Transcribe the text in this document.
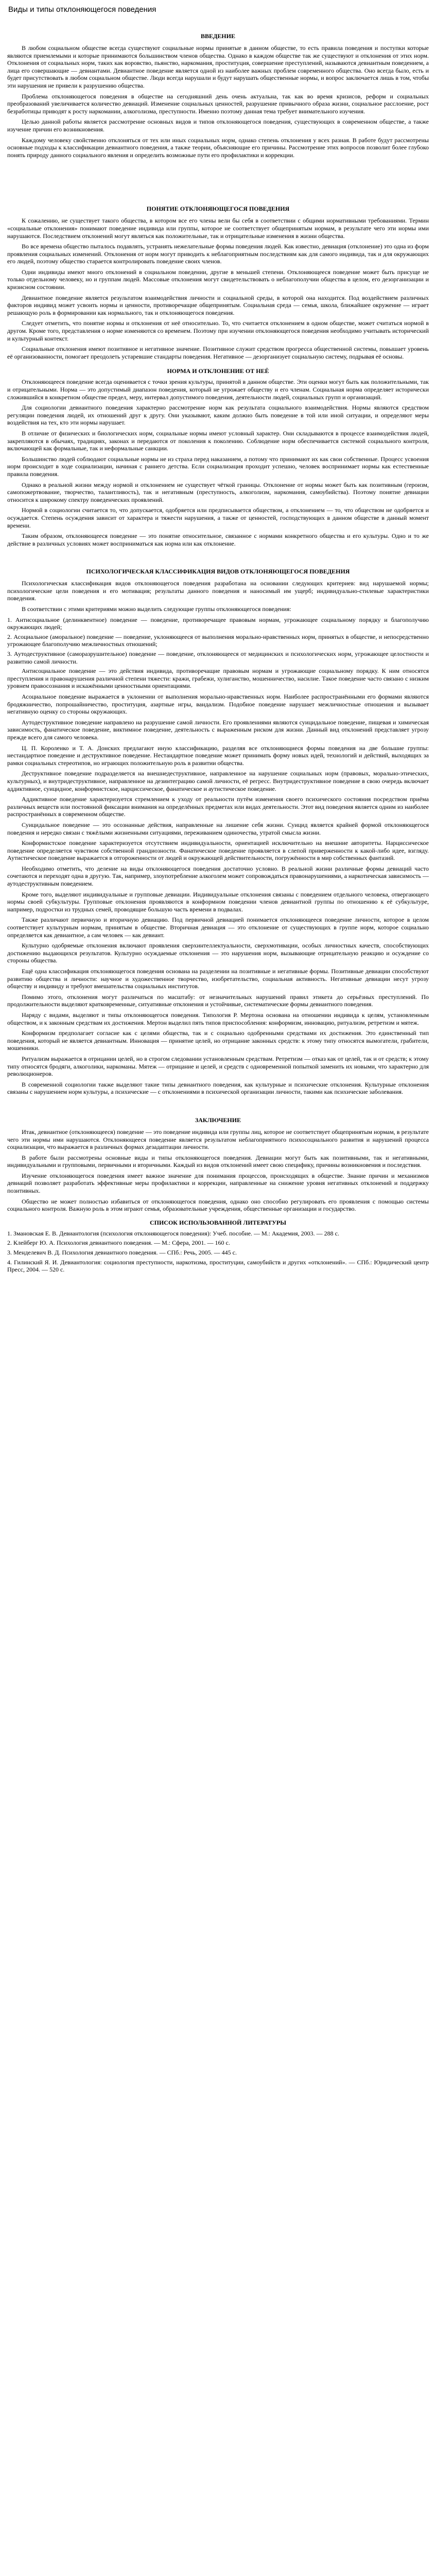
Виды и типы отклоняющегося поведения
ВВЕДЕНИЕ

В любом социальном обществе всегда существуют социальные нормы принятые в данном обществе, то есть правила поведения и поступки которые являются приемлемыми и которые принимаются большинством членов общества. Однако в каждом обществе так же существуют и отклонения от этих норм. Отклонения от социальных норм, таких как воровство, пьянство, наркомания, проституция, совершение преступлений, называются девиантным поведением, а лица его совершающие — девиантами. Девиантное поведение является одной из наиболее важных проблем современного общества. Оно всегда было, есть и будет присутствовать в любом социальном обществе. Люди всегда нарушали и будут нарушать общественные нормы, и вопрос заключается лишь в том, чтобы эти нарушения не привели к разрушению общества.

Проблема отклоняющегося поведения в обществе на сегодняшний день очень актуальна, так как во время кризисов, реформ и социальных преобразований увеличивается количество девиаций. Изменение социальных ценностей, разрушение привычного образа жизни, социальное расслоение, рост безработицы приводят к росту наркомании, алкоголизма, преступности. Именно поэтому данная тема требует внимательного изучения.

Целью данной работы является рассмотрение основных видов и типов отклоняющегося поведения, существующих в современном обществе, а также изучение причин его возникновения.

Каждому человеку свойственно отклоняться от тех или иных социальных норм, однако степень отклонения у всех разная. В работе будут рассмотрены основные подходы к классификации девиантного поведения, а также теории, объясняющие его причины. Рассмотрение этих вопросов позволит более глубоко понять природу данного социального явления и определить возможные пути его профилактики и коррекции.

ПОНЯТИЕ ОТКЛОНЯЮЩЕГОСЯ ПОВЕДЕНИЯ

К сожалению, не существует такого общества, в котором все его члены вели бы себя в соответствии с общими нормативными требованиями. Термин «социальные отклонения» понимают поведение индивида или группы, которое не соответствует общепринятым нормам, в результате чего эти нормы ими нарушаются. Последствием отклонений могут являться как положительные, так и отрицательные изменения в жизни общества.

Во все времена общество пыталось подавлять, устранять нежелательные формы поведения людей. Как известно, девиация (отклонение) это одна из форм проявления социальных изменений. Отклонения от норм могут приводить к неблагоприятным последствиям как для самого индивида, так и для окружающих его людей, поэтому общество старается контролировать поведение своих членов.

Одни индивиды имеют много отклонений в социальном поведении, другие в меньшей степени. Отклоняющееся поведение может быть присуще не только отдельному человеку, но и группам людей. Массовые отклонения могут свидетельствовать о неблагополучии общества в целом, его дезорганизации и кризисном состоянии.

Девиантное поведение является результатом взаимодействия личности и социальной среды, в которой она находится. Под воздействием различных факторов индивид может усвоить нормы и ценности, противоречащие общепринятым. Социальная среда — семья, школа, ближайшее окружение — играет решающую роль в формировании как нормального, так и отклоняющегося поведения.

Следует отметить, что понятие нормы и отклонения от неё относительно. То, что считается отклонением в одном обществе, может считаться нормой в другом. Кроме того, представления о норме изменяются со временем. Поэтому при изучении отклоняющегося поведения необходимо учитывать исторический и культурный контекст.

Социальные отклонения имеют позитивное и негативное значение. Позитивное служит средством прогресса общественной системы, повышает уровень её организованности, помогает преодолеть устаревшие стандарты поведения. Негативное — дезорганизует социальную систему, подрывая её основы.

НОРМА И ОТКЛОНЕНИЕ ОТ НЕЁ

Отклоняющееся поведение всегда оценивается с точки зрения культуры, принятой в данном обществе. Эти оценки могут быть как положительными, так и отрицательными. Норма — это допустимый диапазон поведения, который не угрожает обществу и его членам. Социальная норма определяет исторически сложившийся в конкретном обществе предел, меру, интервал допустимого поведения, деятельности людей, социальных групп и организаций.

Для социологии девиантного поведения характерно рассмотрение норм как результата социального взаимодействия. Нормы являются средством регуляции поведения людей, их отношений друг к другу. Они указывают, каким должно быть поведение в той или иной ситуации, и определяют меры воздействия на тех, кто эти нормы нарушает.

В отличие от физических и биологических норм, социальные нормы имеют условный характер. Они складываются в процессе взаимодействия людей, закрепляются в обычаях, традициях, законах и передаются от поколения к поколению. Соблюдение норм обеспечивается системой социального контроля, включающей как формальные, так и неформальные санкции.

Большинство людей соблюдают социальные нормы не из страха перед наказанием, а потому что принимают их как свои собственные. Процесс усвоения норм происходит в ходе социализации, начиная с раннего детства. Если социализация проходит успешно, человек воспринимает нормы как естественные правила поведения.

Однако в реальной жизни между нормой и отклонением не существует чёткой границы. Отклонение от нормы может быть как позитивным (героизм, самопожертвование, творчество, талантливость), так и негативным (преступность, алкоголизм, наркомания, самоубийства). Поэтому понятие девиации относится к широкому спектру поведенческих проявлений.

Нормой в социологии считается то, что допускается, одобряется или предписывается обществом, а отклонением — то, что обществом не одобряется и осуждается. Степень осуждения зависит от характера и тяжести нарушения, а также от ценностей, господствующих в данном обществе в данный момент времени.

Таким образом, отклоняющееся поведение — это понятие относительное, связанное с нормами конкретного общества и его культуры. Одно и то же действие в различных условиях может восприниматься как норма или как отклонение.

ПСИХОЛОГИЧЕСКАЯ КЛАССИФИКАЦИЯ ВИДОВ ОТКЛОНЯЮЩЕГОСЯ ПОВЕДЕНИЯ

Психологическая классификация видов отклоняющегося поведения разработана на основании следующих критериев: вид нарушаемой нормы; психологические цели поведения и его мотивация; результаты данного поведения и наносимый им ущерб; индивидуально-стилевые характеристики поведения.

В соответствии с этими критериями можно выделить следующие группы отклоняющегося поведения:

1. Антисоциальное (делинквентное) поведение — поведение, противоречащее правовым нормам, угрожающее социальному порядку и благополучию окружающих людей;

2. Асоциальное (аморальное) поведение — поведение, уклоняющееся от выполнения морально-нравственных норм, принятых в обществе, и непосредственно угрожающее благополучию межличностных отношений;

3. Аутодеструктивное (саморазрушительное) поведение — поведение, отклоняющееся от медицинских и психологических норм, угрожающее целостности и развитию самой личности.

Антисоциальное поведение — это действия индивида, противоречащие правовым нормам и угрожающие социальному порядку. К ним относятся преступления и правонарушения различной степени тяжести: кражи, грабежи, хулиганство, мошенничество, насилие. Такое поведение часто связано с низким уровнем правосознания и искажёнными ценностными ориентациями.

Асоциальное поведение выражается в уклонении от выполнения морально-нравственных норм. Наиболее распространёнными его формами являются бродяжничество, попрошайничество, проституция, азартные игры, вандализм. Подобное поведение нарушает межличностные отношения и вызывает негативную оценку со стороны окружающих.

Аутодеструктивное поведение направлено на разрушение самой личности. Его проявлениями являются суицидальное поведение, пищевая и химическая зависимость, фанатическое поведение, виктимное поведение, деятельность с выраженным риском для жизни. Данный вид отклонений представляет угрозу прежде всего для самого человека.

Ц. П. Короленко и Т. А. Донских предлагают иную классификацию, разделяя все отклоняющиеся формы поведения на две большие группы: нестандартное поведение и деструктивное поведение. Нестандартное поведение может принимать форму новых идей, технологий и действий, выходящих за рамки социальных стереотипов, но играющих положительную роль в развитии общества.

Деструктивное поведение подразделяется на внешнедеструктивное, направленное на нарушение социальных норм (правовых, морально-этических, культурных), и внутридеструктивное, направленное на дезинтеграцию самой личности, её регресс. Внутридеструктивное поведение в свою очередь включает аддиктивное, суицидное, конформистское, нарциссическое, фанатическое и аутистическое поведение.

Аддиктивное поведение характеризуется стремлением к уходу от реальности путём изменения своего психического состояния посредством приёма различных веществ или постоянной фиксации внимания на определённых предметах или видах деятельности. Этот вид поведения является одним из наиболее распространённых в современном обществе.

Суицидальное поведение — это осознанные действия, направленные на лишение себя жизни. Суицид является крайней формой отклоняющегося поведения и нередко связан с тяжёлыми жизненными ситуациями, переживанием одиночества, утратой смысла жизни.

Конформистское поведение характеризуется отсутствием индивидуальности, ориентацией исключительно на внешние авторитеты. Нарциссическое поведение определяется чувством собственной грандиозности. Фанатическое поведение проявляется в слепой приверженности к какой-либо идее, взгляду. Аутистическое поведение выражается в отгороженности от людей и окружающей действительности, погружённости в мир собственных фантазий.

Необходимо отметить, что деление на виды отклоняющегося поведения достаточно условно. В реальной жизни различные формы девиаций часто сочетаются и переходят одна в другую. Так, например, злоупотребление алкоголем может сопровождаться правонарушениями, а наркотическая зависимость — аутодеструктивным поведением.

Кроме того, выделяют индивидуальные и групповые девиации. Индивидуальные отклонения связаны с поведением отдельного человека, отвергающего нормы своей субкультуры. Групповые отклонения проявляются в конформном поведении членов девиантной группы по отношению к её субкультуре, например, подростки из трудных семей, проводящие большую часть времени в подвалах.

Также различают первичную и вторичную девиацию. Под первичной девиацией понимается отклоняющееся поведение личности, которое в целом соответствует культурным нормам, принятым в обществе. Вторичная девиация — это отклонение от существующих в группе норм, которое социально определяется как девиантное, а сам человек — как девиант.

Культурно одобряемые отклонения включают проявления сверхинтеллектуальности, сверхмотивации, особых личностных качеств, способствующих достижению выдающихся результатов. Культурно осуждаемые отклонения — это нарушения норм, вызывающие отрицательную реакцию и осуждение со стороны общества.

Ещё одна классификация отклоняющегося поведения основана на разделении на позитивные и негативные формы. Позитивные девиации способствуют развитию общества и личности: научное и художественное творчество, изобретательство, социальная активность. Негативные девиации несут угрозу обществу и индивиду и требуют вмешательства социальных институтов.

Помимо этого, отклонения могут различаться по масштабу: от незначительных нарушений правил этикета до серьёзных преступлений. По продолжительности выделяют кратковременные, ситуативные отклонения и устойчивые, систематические формы девиантного поведения.

Наряду с видами, выделяют и типы отклоняющегося поведения. Типология Р. Мертона основана на отношении индивида к целям, установленным обществом, и к законным средствам их достижения. Мертон выделил пять типов приспособления: конформизм, инновацию, ритуализм, ретретизм и мятеж.

Конформизм предполагает согласие как с целями общества, так и с социально одобренными средствами их достижения. Это единственный тип поведения, который не является девиантным. Инновация — принятие целей, но отрицание законных средств: к этому типу относятся вымогатели, грабители, мошенники.

Ритуализм выражается в отрицании целей, но в строгом следовании установленным средствам. Ретретизм — отказ как от целей, так и от средств; к этому типу относятся бродяги, алкоголики, наркоманы. Мятеж — отрицание и целей, и средств с одновременной попыткой заменить их новыми, что характерно для революционеров.

В современной социологии также выделяют такие типы девиантного поведения, как культурные и психические отклонения. Культурные отклонения связаны с нарушением норм культуры, а психические — с отклонениями в психической организации личности, такими как психические заболевания.

ЗАКЛЮЧЕНИЕ

Итак, девиантное (отклоняющееся) поведение — это поведение индивида или группы лиц, которое не соответствует общепринятым нормам, в результате чего эти нормы ими нарушаются. Отклоняющееся поведение является результатом неблагоприятного психосоциального развития и нарушений процесса социализации, что выражается в различных формах дезадаптации личности.

В работе были рассмотрены основные виды и типы отклоняющегося поведения. Девиации могут быть как позитивными, так и негативными, индивидуальными и групповыми, первичными и вторичными. Каждый из видов отклонений имеет свою специфику, причины возникновения и последствия.

Изучение отклоняющегося поведения имеет важное значение для понимания процессов, происходящих в обществе. Знание причин и механизмов девиаций позволяет разработать эффективные меры профилактики и коррекции, направленные на снижение уровня негативных отклонений и поддержку позитивных.

Общество не может полностью избавиться от отклоняющегося поведения, однако оно способно регулировать его проявления с помощью системы социального контроля. Важную роль в этом играют семья, образовательные учреждения, общественные организации и государство.

СПИСОК ИСПОЛЬЗОВАННОЙ ЛИТЕРАТУРЫ

1. Змановская Е. В. Девиантология (психология отклоняющегося поведения): Учеб. пособие. — М.: Академия, 2003. — 288 с.

2. Клейберг Ю. А. Психология девиантного поведения. — М.: Сфера, 2001. — 160 с.

3. Менделевич В. Д. Психология девиантного поведения. — СПб.: Речь, 2005. — 445 с.

4. Гилинский Я. И. Девиантология: социология преступности, наркотизма, проституции, самоубийств и других «отклонений». — СПб.: Юридический центр Пресс, 2004. — 520 с.
